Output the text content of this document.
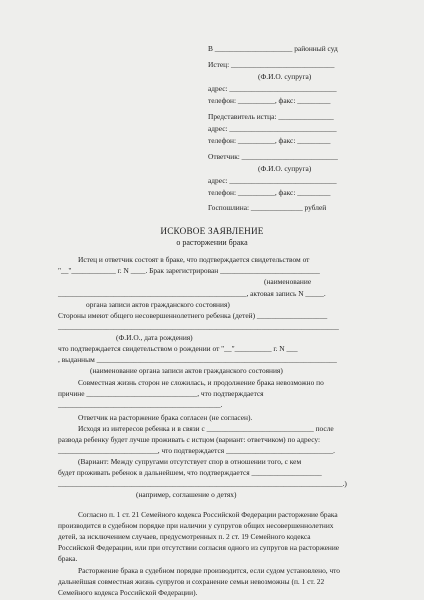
В _____________________ районный суд
Истец: ____________________________
(Ф.И.О. супруга)
адрес: _____________________________
телефон: __________, факс: _________
Представитель истца: _______________
адрес: _____________________________
телефон: __________, факс: _________
Ответчик: __________________________
(Ф.И.О. супруга)
адрес: _____________________________
телефон: __________, факс: _________
Госпошлина: ______________ рублей
ИСКОВОЕ ЗАЯВЛЕНИЕ
о расторжении брака
Истец и ответчик состоят в браке, что подтверждается свидетельством от
"__"____________ г. N ____. Брак зарегистрирован ___________________________
(наименование
___________________________________________________, актовая запись N _____.
органа записи актов гражданского состояния)
Стороны имеют общего несовершеннолетнего ребенка (детей) ___________________
____________________________________________________________________________
(Ф.И.О., дата рождения)
что подтверждается свидетельством о рождении от "__"__________ г. N ___
, выданным _________________________________________________________________
(наименование органа записи актов гражданского состояния)
Совместная жизнь сторон не сложилась, и продолжение брака невозможно по
причине ______________________________, что подтверждается
____________________________________________.
Ответчик на расторжение брака согласен (не согласен).
Исходя из интересов ребенка и в связи с _____________________________ после
развода ребенку будет лучше проживать с истцом (вариант: ответчиком) по адресу:
___________________________, что подтверждается _____________________________.
(Вариант: Между супругами отсутствует спор в отношении того, с кем
будет проживать ребенок в дальнейшем, что подтверждается ___________________
_____________________________________________________________________________.)
(например, соглашение о детях)
Согласно п. 1 ст. 21 Семейного кодекса Российской Федерации расторжение брака
производится в судебном порядке при наличии у супругов общих несовершеннолетних
детей, за исключением случаев, предусмотренных п. 2 ст. 19 Семейного кодекса
Российской Федерации, или при отсутствии согласия одного из супругов на расторжение
брака.
Расторжение брака в судебном порядке производится, если судом установлено, что
дальнейшая совместная жизнь супругов и сохранение семьи невозможны (п. 1 ст. 22
Семейного кодекса Российской Федерации).
